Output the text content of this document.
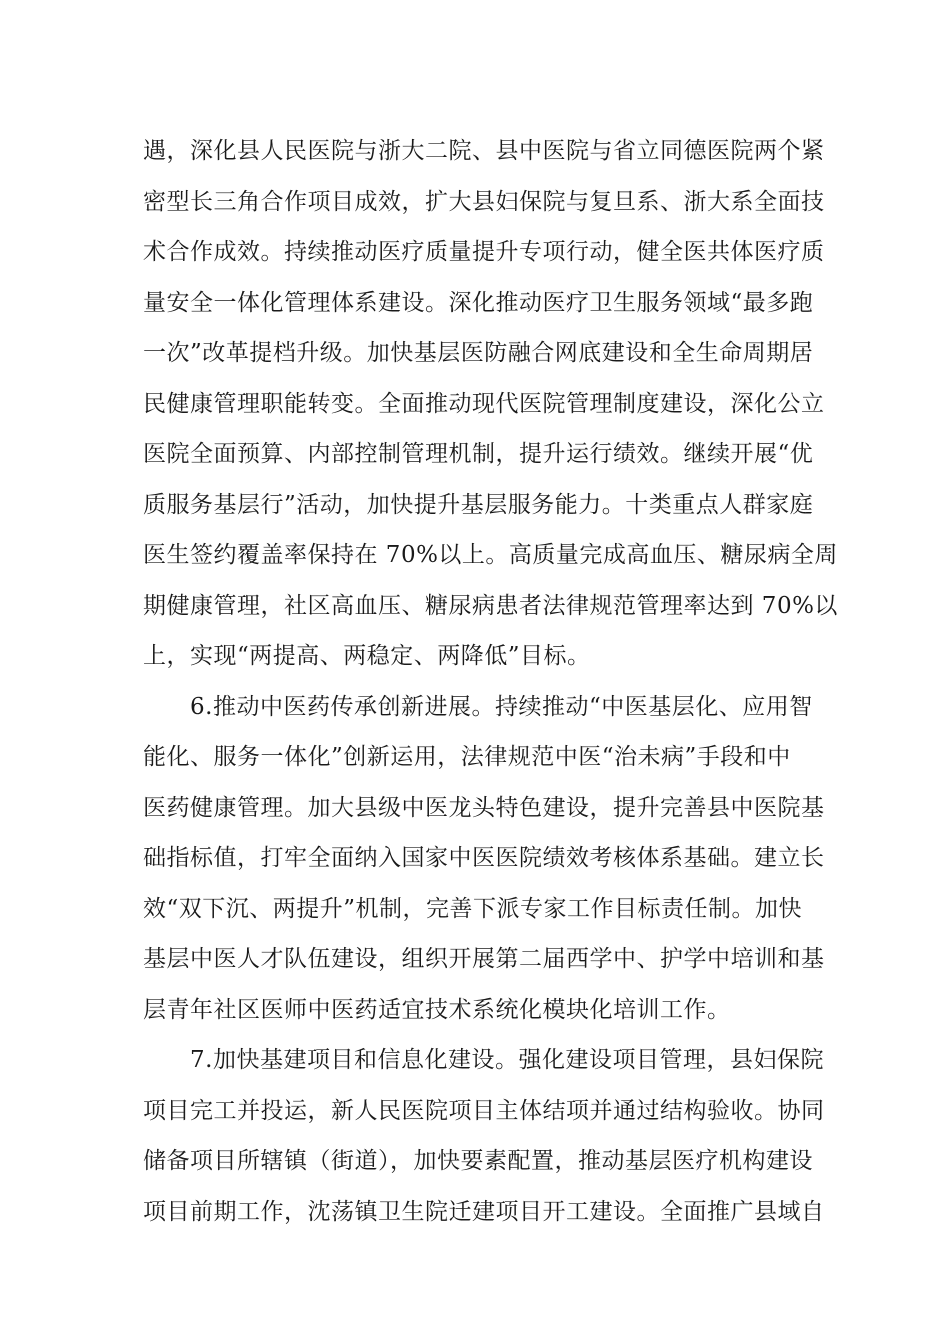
遇，深化县人民医院与浙大二院、县中医院与省立同德医院两个紧
密型长三角合作项目成效，扩大县妇保院与复旦系、浙大系全面技
术合作成效。持续推动医疗质量提升专项行动，健全医共体医疗质
量安全一体化管理体系建设。深化推动医疗卫生服务领域“最多跑
一次”改革提档升级。加快基层医防融合网底建设和全生命周期居
民健康管理职能转变。全面推动现代医院管理制度建设，深化公立
医院全面预算、内部控制管理机制，提升运行绩效。继续开展“优
质服务基层行”活动，加快提升基层服务能力。十类重点人群家庭
医生签约覆盖率保持在 70%以上。高质量完成高血压、糖尿病全周
期健康管理，社区高血压、糖尿病患者法律规范管理率达到 70%以
上，实现“两提高、两稳定、两降低”目标。
6.推动中医药传承创新进展。持续推动“中医基层化、应用智
能化、服务一体化”创新运用，法律规范中医“治未病”手段和中
医药健康管理。加大县级中医龙头特色建设，提升完善县中医院基
础指标值，打牢全面纳入国家中医医院绩效考核体系基础。建立长
效“双下沉、两提升”机制，完善下派专家工作目标责任制。加快
基层中医人才队伍建设，组织开展第二届西学中、护学中培训和基
层青年社区医师中医药适宜技术系统化模块化培训工作。
7.加快基建项目和信息化建设。强化建设项目管理，县妇保院
项目完工并投运，新人民医院项目主体结项并通过结构验收。协同
储备项目所辖镇（街道），加快要素配置，推动基层医疗机构建设
项目前期工作，沈荡镇卫生院迁建项目开工建设。全面推广县域自
